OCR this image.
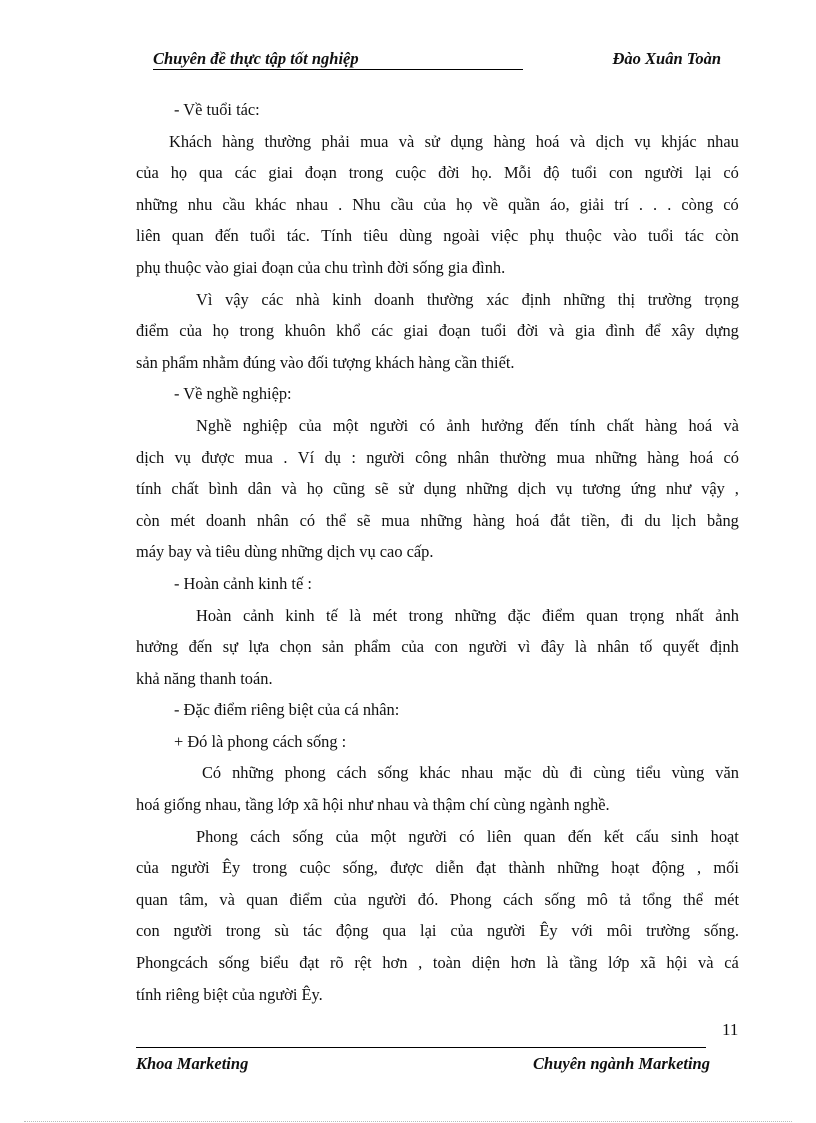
Chuyên đề thực tập tốt nghiệp	Đào Xuân Toàn
- Về tuổi tác:
Khách hàng thường phải mua và sử dụng hàng hoá và dịch vụ khjác nhau
của họ qua các giai đoạn trong cuộc đời họ. Mỗi độ tuổi con người lại có
những nhu cầu khác nhau . Nhu cầu của họ về quần áo, giải trí . . . còng có
liên quan đến tuổi tác. Tính tiêu dùng ngoài việc phụ thuộc vào tuổi tác còn
phụ thuộc vào giai đoạn của chu trình đời sống gia đình.
Vì vậy các nhà kinh doanh thường xác định những thị trường trọng
điểm của họ trong khuôn khổ các giai đoạn tuổi đời và gia đình để xây dựng
sản phẩm nhằm đúng vào đối tượng khách hàng cần thiết.
- Về nghề nghiệp:
Nghề nghiệp của một người có ảnh hưởng đến tính chất hàng hoá và
dịch vụ được mua . Ví dụ : người công nhân thường mua những hàng hoá có
tính chất bình dân và họ cũng sẽ sử dụng những dịch vụ tương ứng như vậy ,
còn mét doanh nhân có thể sẽ mua những hàng hoá đắt tiền, đi du lịch bằng
máy bay và tiêu dùng những dịch vụ cao cấp.
- Hoàn cảnh kinh tế :
Hoàn cảnh kinh tế là mét trong những đặc điểm quan trọng nhất ảnh
hưởng đến sự lựa chọn sản phẩm của con người vì đây là nhân tố quyết định
khả năng thanh toán.
- Đặc điểm riêng biệt của cá nhân:
+ Đó là phong cách sống :
Có những phong cách sống khác nhau mặc dù đi cùng tiểu vùng văn
hoá giống nhau, tầng lớp xã hội như nhau và thậm chí cùng ngành nghề.
Phong cách sống của một người có liên quan đến kết cấu sinh hoạt
của người Êy trong cuộc sống, được diễn đạt thành những hoạt động , mối
quan tâm, và quan điểm của người đó. Phong cách sống mô tả tổng thể mét
con người trong sù tác động qua lại của người Êy với môi trường sống.
Phongcách sống biểu đạt rõ rệt hơn , toàn diện hơn là tầng lớp xã hội và cá
tính riêng biệt của người Êy.
11
Khoa Marketing	Chuyên ngành Marketing
